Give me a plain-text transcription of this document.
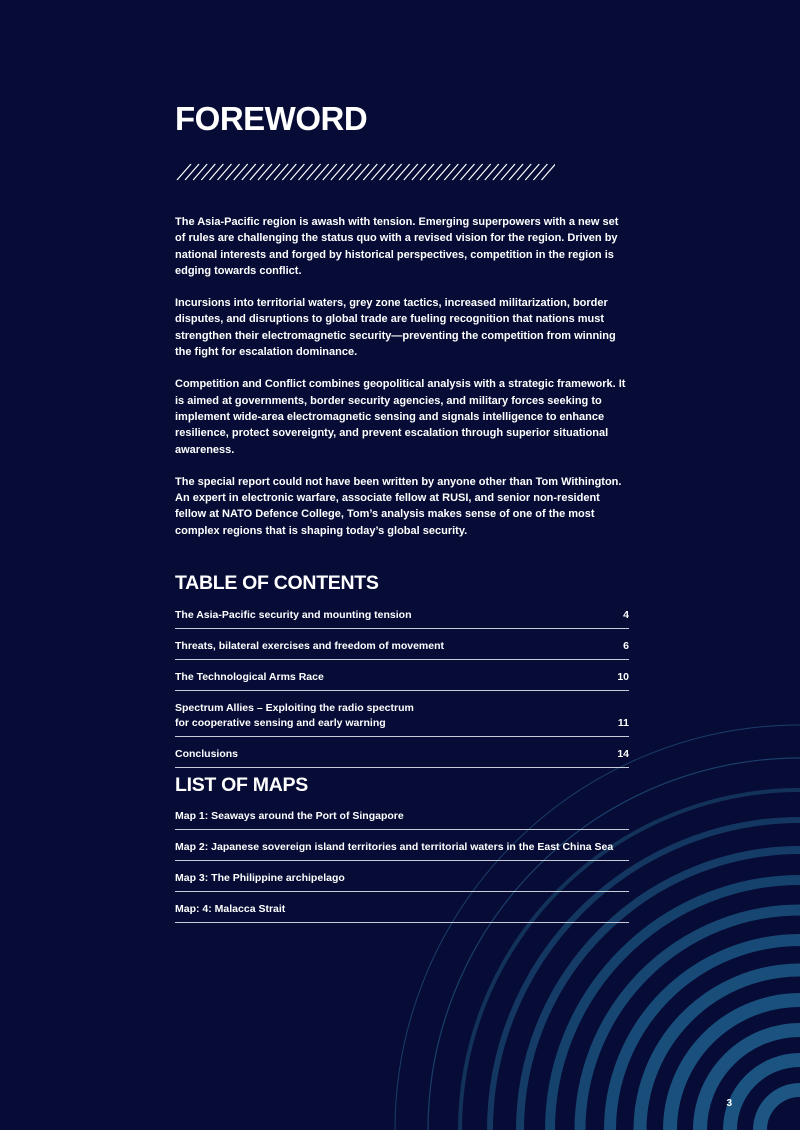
FOREWORD

The Asia-Pacific region is awash with tension. Emerging superpowers with a new set of rules are challenging the status quo with a revised vision for the region. Driven by national interests and forged by historical perspectives, competition in the region is edging towards conflict.

Incursions into territorial waters, grey zone tactics, increased militarization, border disputes, and disruptions to global trade are fueling recognition that nations must strengthen their electromagnetic security—preventing the competition from winning the fight for escalation dominance.

Competition and Conflict combines geopolitical analysis with a strategic framework. It is aimed at governments, border security agencies, and military forces seeking to implement wide-area electromagnetic sensing and signals intelligence to enhance resilience, protect sovereignty, and prevent escalation through superior situational awareness.

The special report could not have been written by anyone other than Tom Withington. An expert in electronic warfare, associate fellow at RUSI, and senior non-resident fellow at NATO Defence College, Tom’s analysis makes sense of one of the most complex regions that is shaping today’s global security.

TABLE OF CONTENTS
The Asia-Pacific security and mounting tension	4
Threats, bilateral exercises and freedom of movement	6
The Technological Arms Race	10
Spectrum Allies – Exploiting the radio spectrum
for cooperative sensing and early warning	11
Conclusions	14
LIST OF MAPS
Map 1: Seaways around the Port of Singapore
Map 2: Japanese sovereign island territories and territorial waters in the East China Sea
Map 3: The Philippine archipelago
Map: 4: Malacca Strait
3
